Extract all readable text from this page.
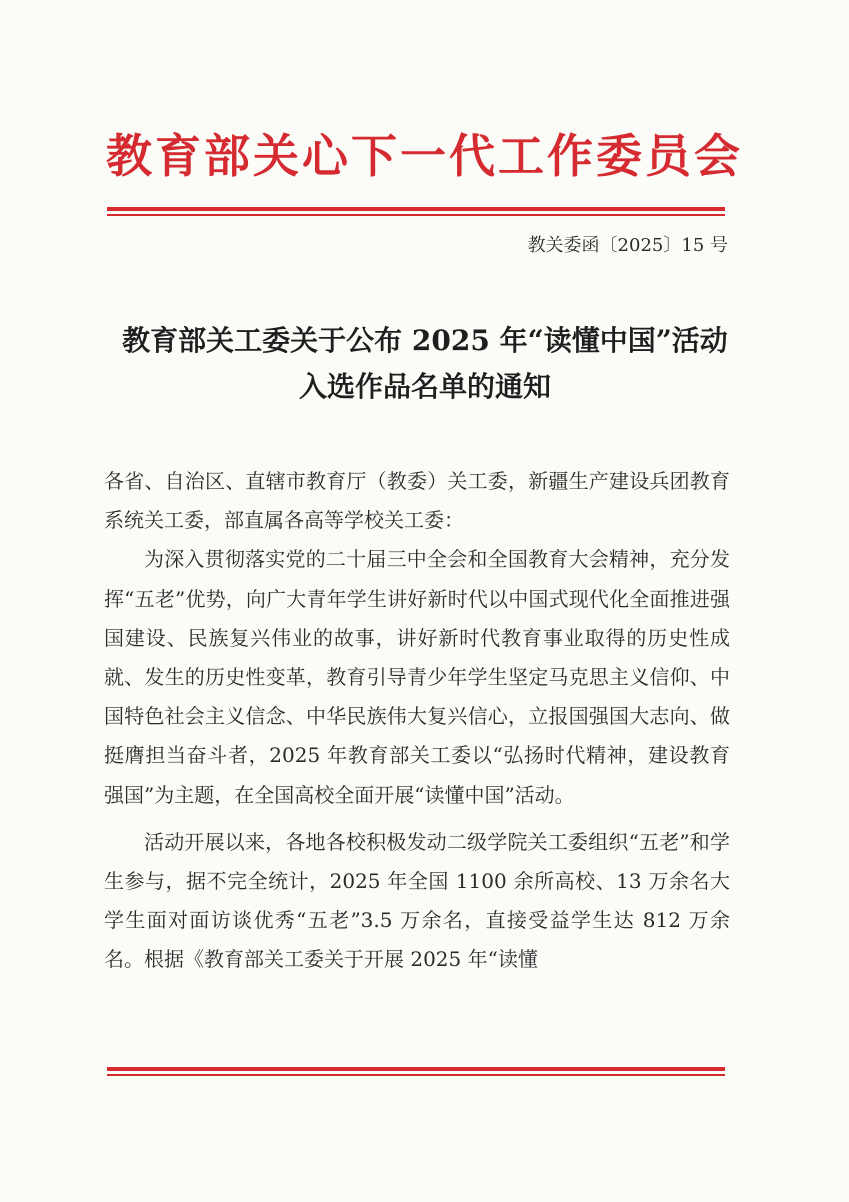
教育部关心下一代工作委员会
教关委函〔2025〕15 号
教育部关工委关于公布 2025 年“读懂中国”活动
入选作品名单的通知

各省、自治区、直辖市教育厅（教委）关工委，新疆生产建设兵团教育系统关工委，部直属各高等学校关工委：

为深入贯彻落实党的二十届三中全会和全国教育大会精神，充分发挥“五老”优势，向广大青年学生讲好新时代以中国式现代化全面推进强国建设、民族复兴伟业的故事，讲好新时代教育事业取得的历史性成就、发生的历史性变革，教育引导青少年学生坚定马克思主义信仰、中国特色社会主义信念、中华民族伟大复兴信心，立报国强国大志向、做挺膺担当奋斗者，2025 年教育部关工委以“弘扬时代精神，建设教育强国”为主题，在全国高校全面开展“读懂中国”活动。

活动开展以来，各地各校积极发动二级学院关工委组织“五老”和学生参与，据不完全统计，2025 年全国 1100 余所高校、13 万余名大学生面对面访谈优秀“五老”3.5 万余名，直接受益学生达 812 万余名。根据《教育部关工委关于开展 2025 年“读懂
